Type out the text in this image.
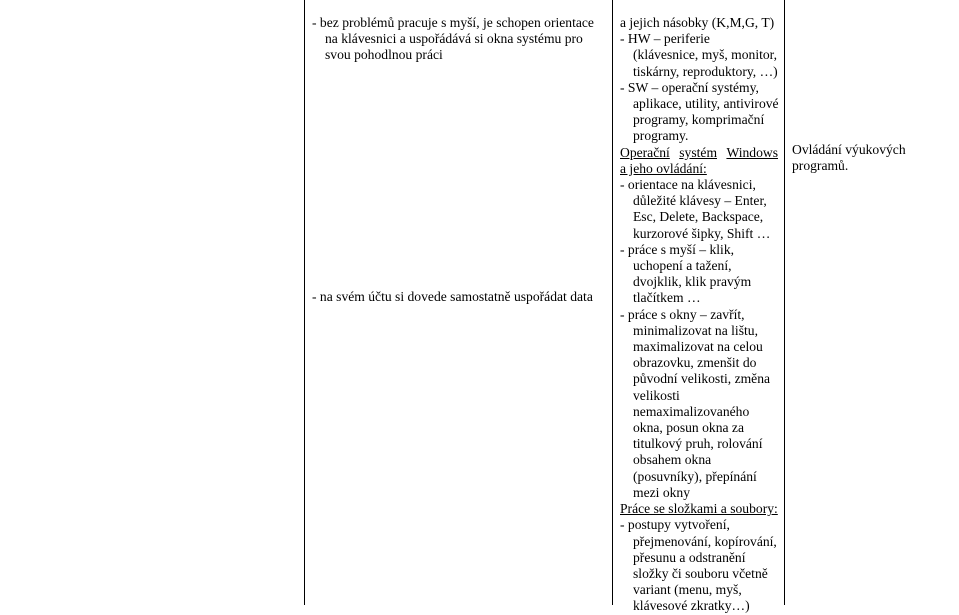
- bez problémů pracuje s myší, je schopen orientace
na klávesnici a uspořádává si okna systému pro
svou pohodlnou práci
- na svém účtu si dovede samostatně uspořádat data
a jejich násobky (K,M,G, T)
- HW – periferie
(klávesnice, myš, monitor,
tiskárny, reproduktory, …)
- SW – operační systémy,
aplikace, utility, antivirové
programy, komprimační
programy.
Operační systém Windows
a jeho ovládání:
- orientace na klávesnici,
důležité klávesy – Enter,
Esc, Delete, Backspace,
kurzorové šipky, Shift …
- práce s myší – klik,
uchopení a tažení,
dvojklik, klik pravým
tlačítkem …
- práce s okny – zavřít,
minimalizovat na lištu,
maximalizovat na celou
obrazovku, zmenšit do
původní velikosti, změna
velikosti
nemaximalizovaného
okna, posun okna za
titulkový pruh, rolování
obsahem okna
(posuvníky), přepínání
mezi okny
Práce se složkami a soubory:
- postupy vytvoření,
přejmenování, kopírování,
přesunu a odstranění
složky či souboru včetně
variant (menu, myš,
klávesové zkratky…)
Ovládání výukových
programů.
